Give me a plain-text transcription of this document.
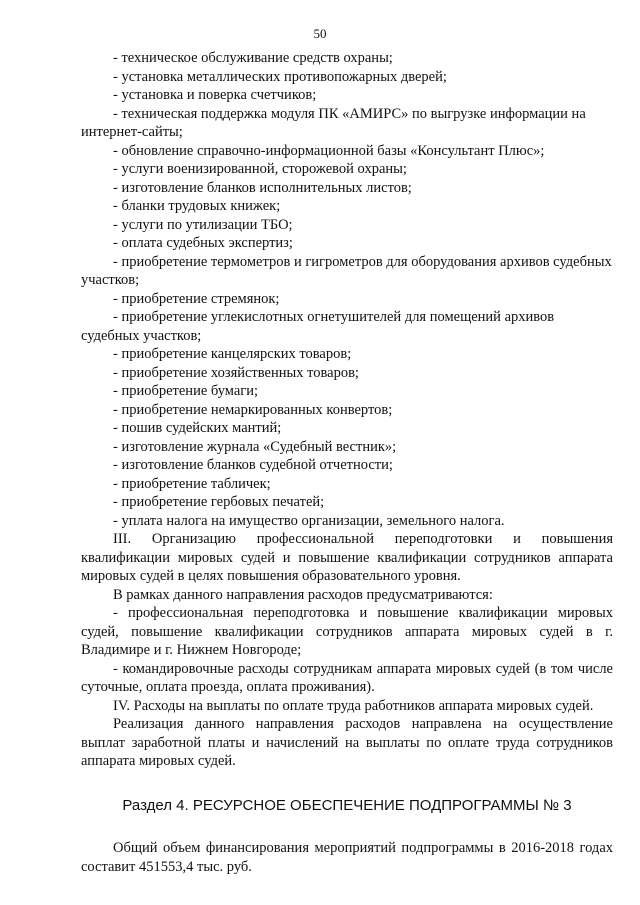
50

- техническое обслуживание средств охраны;

- установка металлических противопожарных дверей;

- установка и поверка счетчиков;

- техническая поддержка модуля ПК «АМИРС» по выгрузке информации на интернет-сайты;

- обновление справочно-информационной базы «Консультант Плюс»;

- услуги военизированной, сторожевой охраны;

- изготовление бланков исполнительных листов;

- бланки трудовых книжек;

- услуги по утилизации ТБО;

- оплата судебных экспертиз;

- приобретение термометров и гигрометров для оборудования архивов судебных участков;

- приобретение стремянок;

- приобретение углекислотных огнетушителей для помещений архивов судебных участков;

- приобретение канцелярских товаров;

- приобретение хозяйственных товаров;

- приобретение бумаги;

- приобретение немаркированных конвертов;

- пошив судейских мантий;

- изготовление журнала «Судебный вестник»;

- изготовление бланков судебной отчетности;

- приобретение табличек;

- приобретение гербовых печатей;

- уплата налога на имущество организации, земельного налога.

III. Организацию профессиональной переподготовки и повышения квалификации мировых судей и повышение квалификации сотрудников аппарата мировых судей в целях повышения образовательного уровня.

В рамках данного направления расходов предусматриваются:

- профессиональная переподготовка и повышение квалификации мировых судей, повышение квалификации сотрудников аппарата мировых судей в г. Владимире и г. Нижнем Новгороде;

- командировочные расходы сотрудникам аппарата мировых судей (в том числе суточные, оплата проезда, оплата проживания).

IV. Расходы на выплаты по оплате труда работников аппарата мировых судей.

Реализация данного направления расходов направлена на осуществление выплат заработной платы и начислений на выплаты по оплате труда сотрудников аппарата мировых судей.

Раздел 4. РЕСУРСНОЕ ОБЕСПЕЧЕНИЕ ПОДПРОГРАММЫ № 3

Общий объем финансирования мероприятий подпрограммы в 2016-2018 годах составит 451553,4 тыс. руб.
